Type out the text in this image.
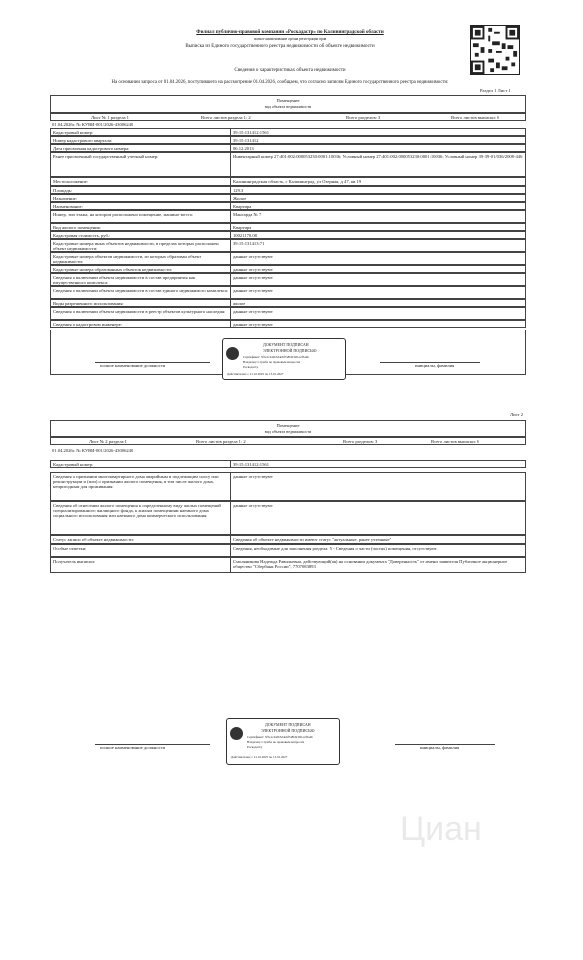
Филиал публично-правовой компании «Роскадастр» по Калининградской области
полное наименование органа регистрации прав
Выписка из Единого государственного реестра недвижимости об объекте недвижимости
Сведения о характеристиках объекта недвижимости
На основании запроса от 01.04.2026, поступившего на рассмотрение 01.04.2026, сообщаем, что согласно записям Единого государственного реестра недвижимости:
Раздел 1 Лист 1
Помещение
вид объекта недвижимости
Лист № 1 раздела 1	Всего листов раздела 1: 2	Всего разделов: 3	Всего листов выписки: 6
01.04.2026г. № КУВИ-001/2026-43006240
Кадастровый номер:	39:15:131412:1561
Номер кадастрового квартала:	39:15:131412
Дата присвоения кадастрового номера:	06.12.2013
Ранее присвоенный государственный учетный номер:	Инвентарный номер 27:401:002:000053230:0001:10036; Условный номер 27:401:002:000053230:0001:10036; Условный номер 39-39-01/036/2008-446
Местоположение:	Калининградская область, г Калининград, ул Озерная, д 47, кв 19
Площадь:	129.3
Назначение:	Жилое
Наименование:	Квартира
Номер, тип этажа, на котором расположено помещение, машино-место:	Мансарда № 7
Вид жилого помещения:	Квартира
Кадастровая стоимость, руб.:	10021170.08
Кадастровые номера иных объектов недвижимости, в пределах которых расположен объект недвижимости:
39:15:131413:71
Кадастровые номера объектов недвижимости, из которых образован объект недвижимости:
данные отсутствуют
Кадастровые номера образованных объектов недвижимости:	данные отсутствуют
Сведения о включении объекта недвижимости в состав предприятия как имущественного комплекса:
данные отсутствуют
Сведения о включении объекта недвижимости в состав единого недвижимого комплекса: данные отсутствуют
Виды разрешенного использования:	жилое
Сведения о включении объекта недвижимости в реестр объектов культурного наследия:	данные отсутствуют
Сведения о кадастровом инженере:	данные отсутствуют
полное наименование должности	инициалы, фамилия
ДОКУМЕНТ ПОДПИСАН
ЭЛЕКТРОННОЙ ПОДПИСЬЮ
Сертификат: 5f5e1c2a0b3d4e6f7a8b9c0d1e2f3a4b
Владелец: Служба по правовым вопросам
Роскадастр
Действителен: с 21.10.2025 по 13.01.2027
Лист 2
Помещение
вид объекта недвижимости
Лист № 2 раздела 1	Всего листов раздела 1: 2	Всего разделов: 3	Всего листов выписки: 6
01.04.2026г. № КУВИ-001/2026-43006240
Кадастровый номер:	39:15:131412:1561
Сведения о признании многоквартирного дома аварийным и подлежащим сносу или реконструкции и (или) о признании жилого помещения, в том числе жилого дома, непригодным для проживания:
данные отсутствуют
Сведения об отнесении жилого помещения к определенному виду жилых помещений специализированного жилищного фонда, к жилым помещениям наемного дома социального использования или наемного дома коммерческого использования:
данные отсутствуют
Статус записи об объекте недвижимости:	Сведения об объекте недвижимости имеют статус "актуальные, ранее учтенные"
Особые отметки:	Сведения, необходимые для заполнения раздела: 5 - Сведения о части (частях) помещения, отсутствуют.
Получатель выписки:	Смоляникова Надежда Равильевна, действующий(ая) на основании документа "Доверенность" от имени заявителя Публичное акционерное общество "Сбербанк России", 7707083893
полное наименование должности	инициалы, фамилия
ДОКУМЕНТ ПОДПИСАН
ЭЛЕКТРОННОЙ ПОДПИСЬЮ
Сертификат: 5f5e1c2a0b3d4e6f7a8b9c0d1e2f3a4b
Владелец: Служба по правовым вопросам
Роскадастр
Действителен: с 21.10.2025 по 13.01.2027
Циан
